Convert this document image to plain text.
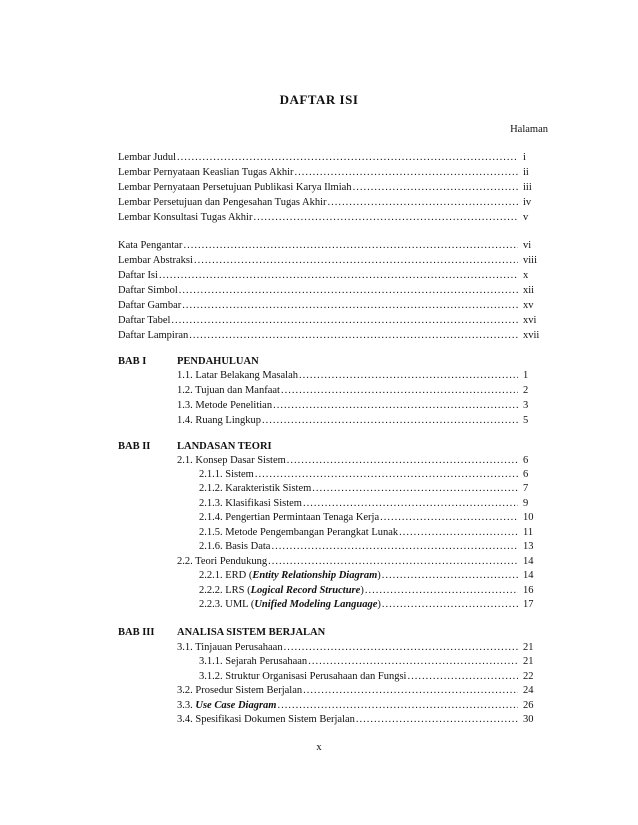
DAFTAR ISI
Halaman
Lembar Judul .....	i
Lembar Pernyataan Keaslian Tugas Akhir .....	ii
Lembar Pernyataan Persetujuan Publikasi Karya Ilmiah .....	iii
Lembar Persetujuan dan Pengesahan Tugas Akhir .....	iv
Lembar Konsultasi Tugas Akhir .....	v
Kata Pengantar .....	vi
Lembar Abstraksi .....	viii
Daftar Isi .....	x
Daftar Simbol .....	xii
Daftar Gambar .....	xv
Daftar Tabel .....	xvi
Daftar Lampiran .....	xvii
BAB I	PENDAHULUAN
1.1. Latar Belakang Masalah .....	1
1.2. Tujuan dan Manfaat .....	2
1.3. Metode Penelitian .....	3
1.4. Ruang Lingkup .....	5
BAB II	LANDASAN TEORI
2.1. Konsep Dasar Sistem .....	6
2.1.1. Sistem .....	6
2.1.2. Karakteristik Sistem .....	7
2.1.3. Klasifikasi Sistem .....	9
2.1.4. Pengertian Permintaan Tenaga Kerja .....	10
2.1.5. Metode Pengembangan Perangkat Lunak .....	11
2.1.6. Basis Data .....	13
2.2. Teori Pendukung .....	14
2.2.1. ERD (Entity Relationship Diagram) .....	14
2.2.2. LRS (Logical Record Structure) .....	16
2.2.3. UML (Unified Modeling Language) .....	17
BAB III ANALISA SISTEM BERJALAN
3.1. Tinjauan Perusahaan .....	21
3.1.1. Sejarah Perusahaan .....	21
3.1.2. Struktur Organisasi Perusahaan dan Fungsi .....	22
3.2. Prosedur Sistem Berjalan .....	24
3.3. Use Case Diagram .....	26
3.4. Spesifikasi Dokumen Sistem Berjalan .....	30
x
